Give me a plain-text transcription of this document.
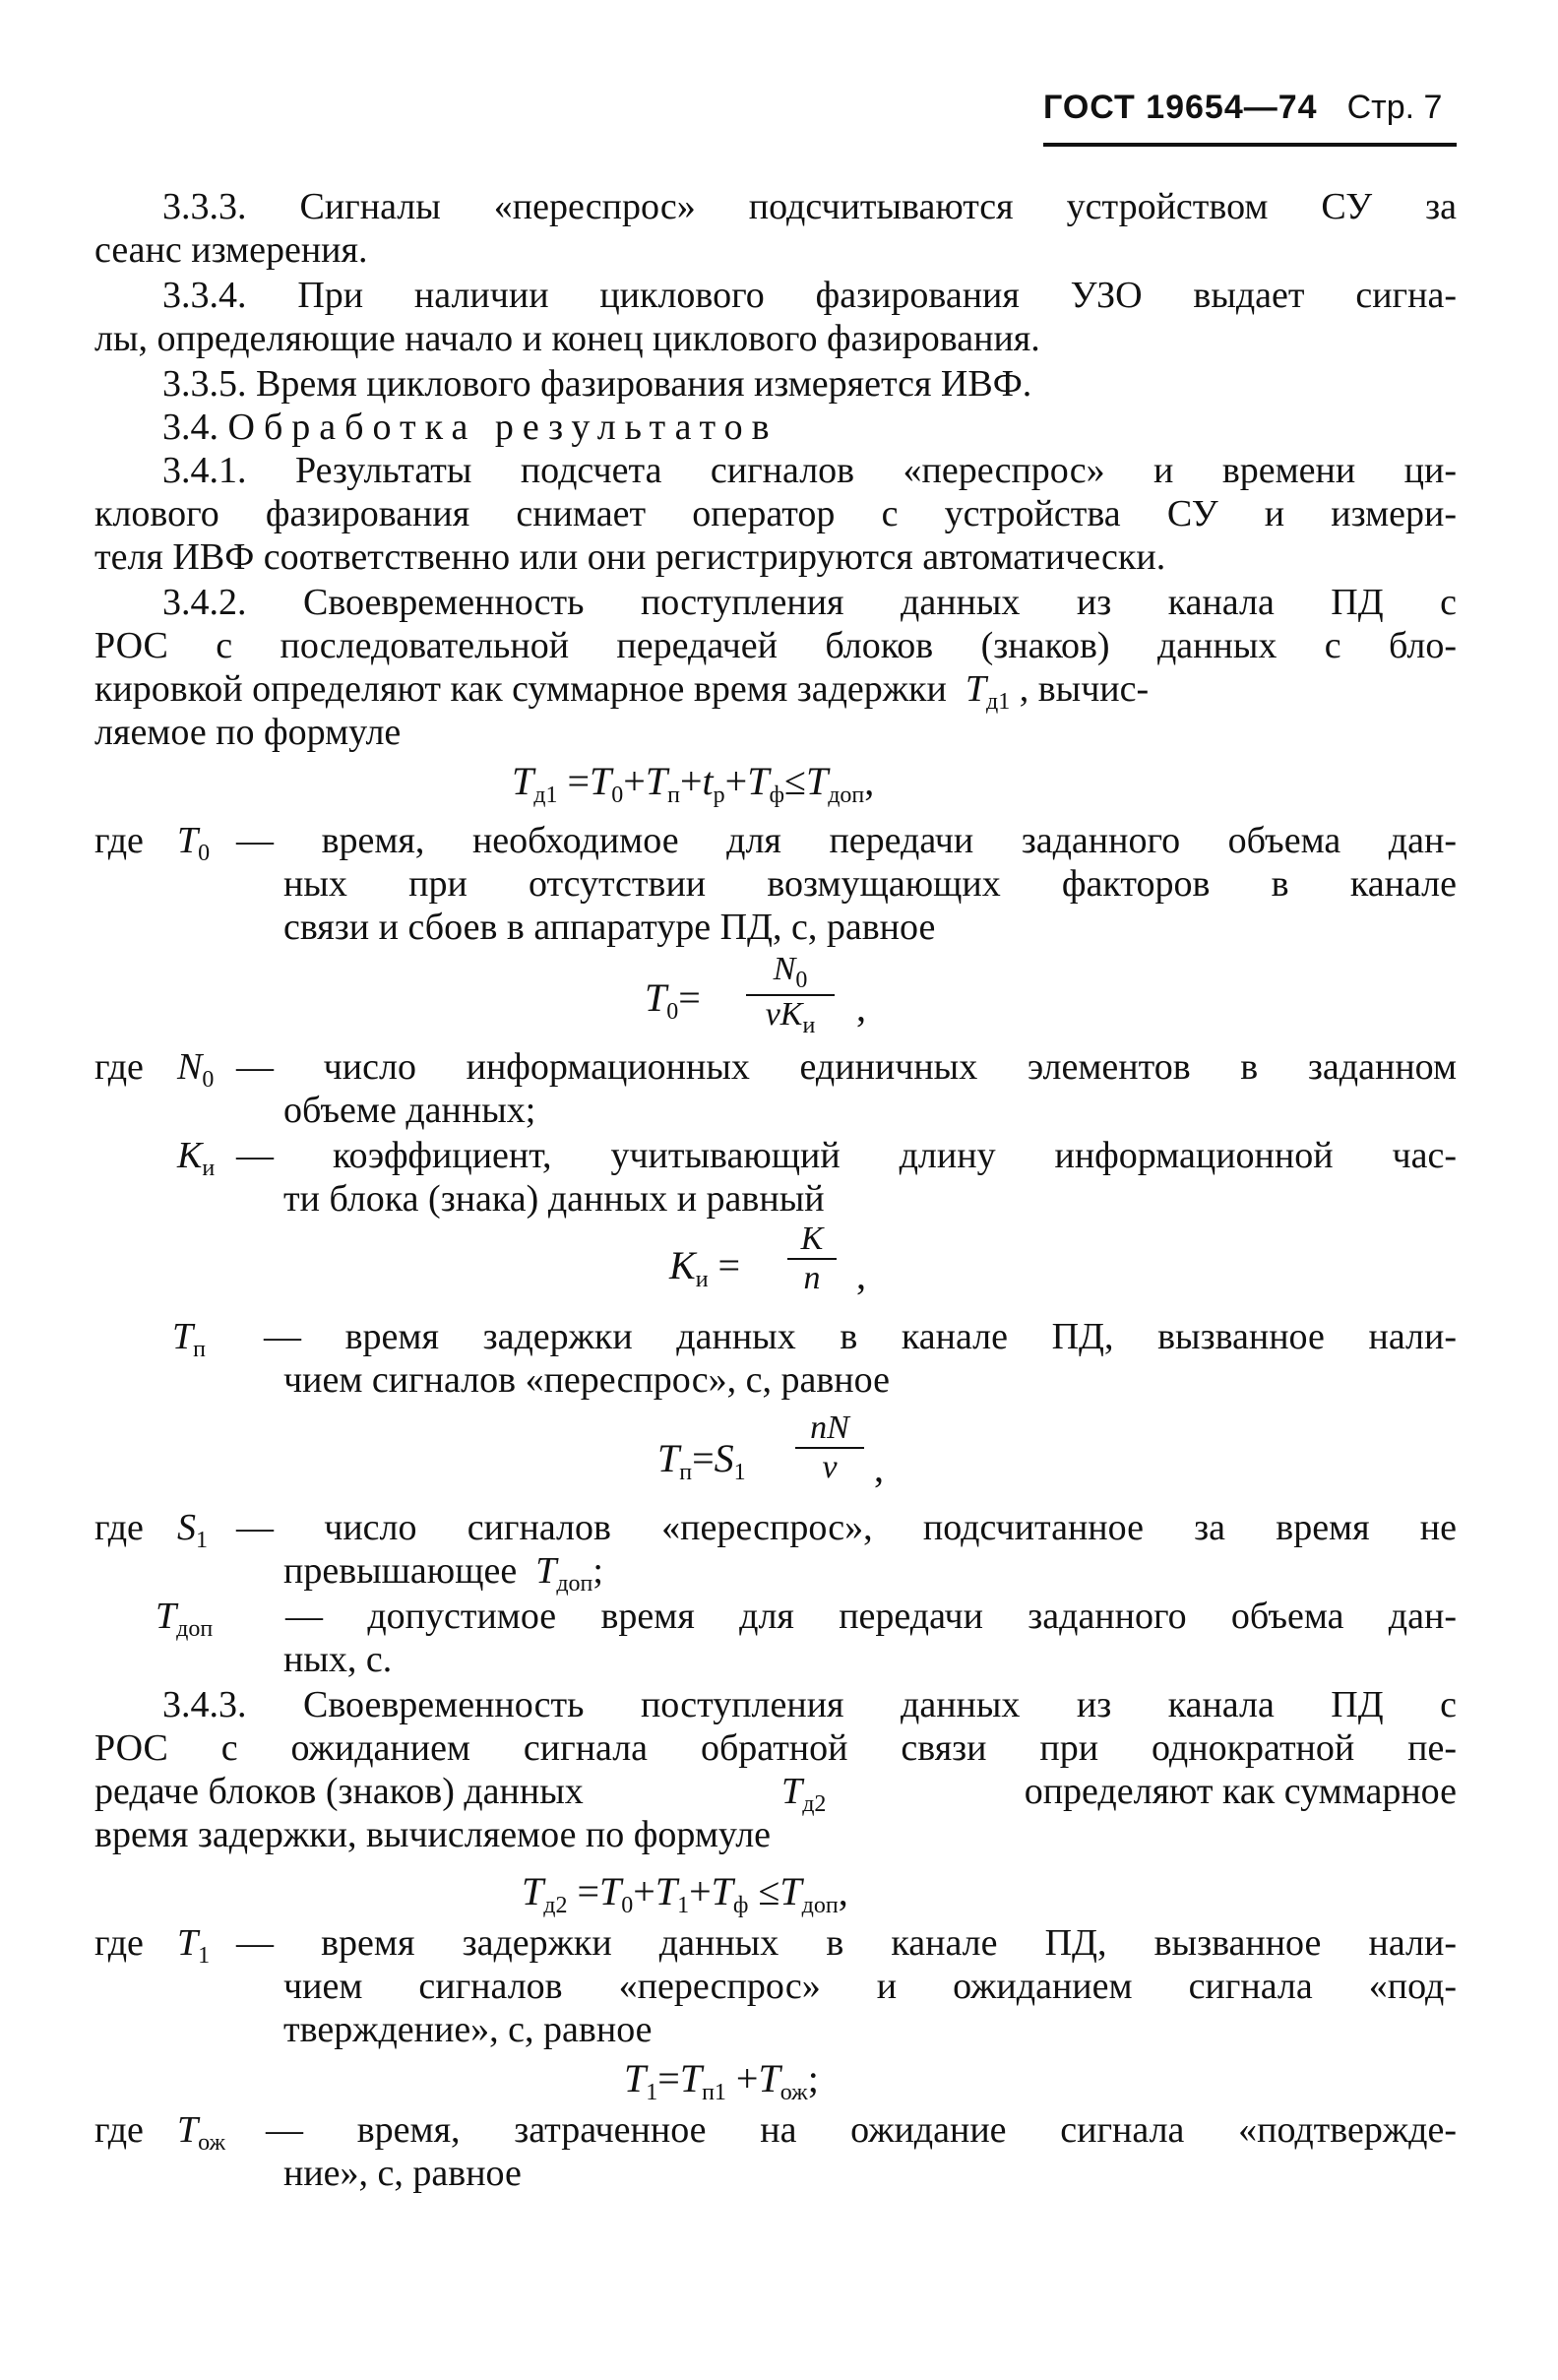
ГОСТ 19654—74 Стр. 7
3.3.3. Сигналы «переспрос» подсчитываются устройством СУ за
сеанс измерения.
3.3.4. При наличии циклового фазирования УЗО выдает сигна-
лы, определяющие начало и конец циклового фазирования.
3.3.5. Время циклового фазирования измеряется ИВФ.
3.4. Обработка результатов
3.4.1. Результаты подсчета сигналов «переспрос» и времени ци-
клового фазирования снимает оператор с устройства СУ и измери-
теля ИВФ соответственно или они регистрируются автоматически.
3.4.2. Своевременность поступления данных из канала ПД с
РОС с последовательной передачей блоков (знаков) данных с бло-
кировкой определяют как суммарное время задержки  $T_{д1}$ , вычис-
ляемое по формуле
$T_{д1} =T_0+T_п+t_р+T_ф\le T_{доп}$,
где $T_0$ — время, необходимое для передачи заданного объема дан-
ных при отсутствии возмущающих факторов в канале
связи и сбоев в аппаратуре ПД, с, равное
$T_0=$
$N_0$
$vK_и$	,
где $N_0$ — число информационных единичных элементов в заданном
объеме данных;
$K_и$ — коэффициент, учитывающий длину информационной час-
ти блока (знака) данных и равный
$K_и = \frac{K}{n}$ ,
$T_п$ — время задержки данных в канале ПД, вызванное нали-
чием сигналов «переспрос», с, равное
$T_п=S_1 \frac{nN}{v}$ ,
где $S_1$ — число сигналов «переспрос», подсчитанное за время не
превышающее  $T_{доп}$;
$T_{доп}$ — допустимое время для передачи заданного объема дан-
ных, с.
3.4.3. Своевременность поступления данных из канала ПД с
РОС с ожиданием сигнала обратной связи при однократной пе-
редаче блоков (знаков) данных	$T_{д2}$	определяют как суммарное
время задержки, вычисляемое по формуле
$T_{д2} =T_0+T_1+T_ф \le T_{доп}$,
где $T_1$ — время задержки данных в канале ПД, вызванное нали-
чием сигналов «переспрос» и ожиданием сигнала «под-
тверждение», с, равное
$T_1=T_{п1} +T_{ож}$;
где $T_{ож}$ — время, затраченное на ожидание сигнала «подтвержде-
ние», с, равное
